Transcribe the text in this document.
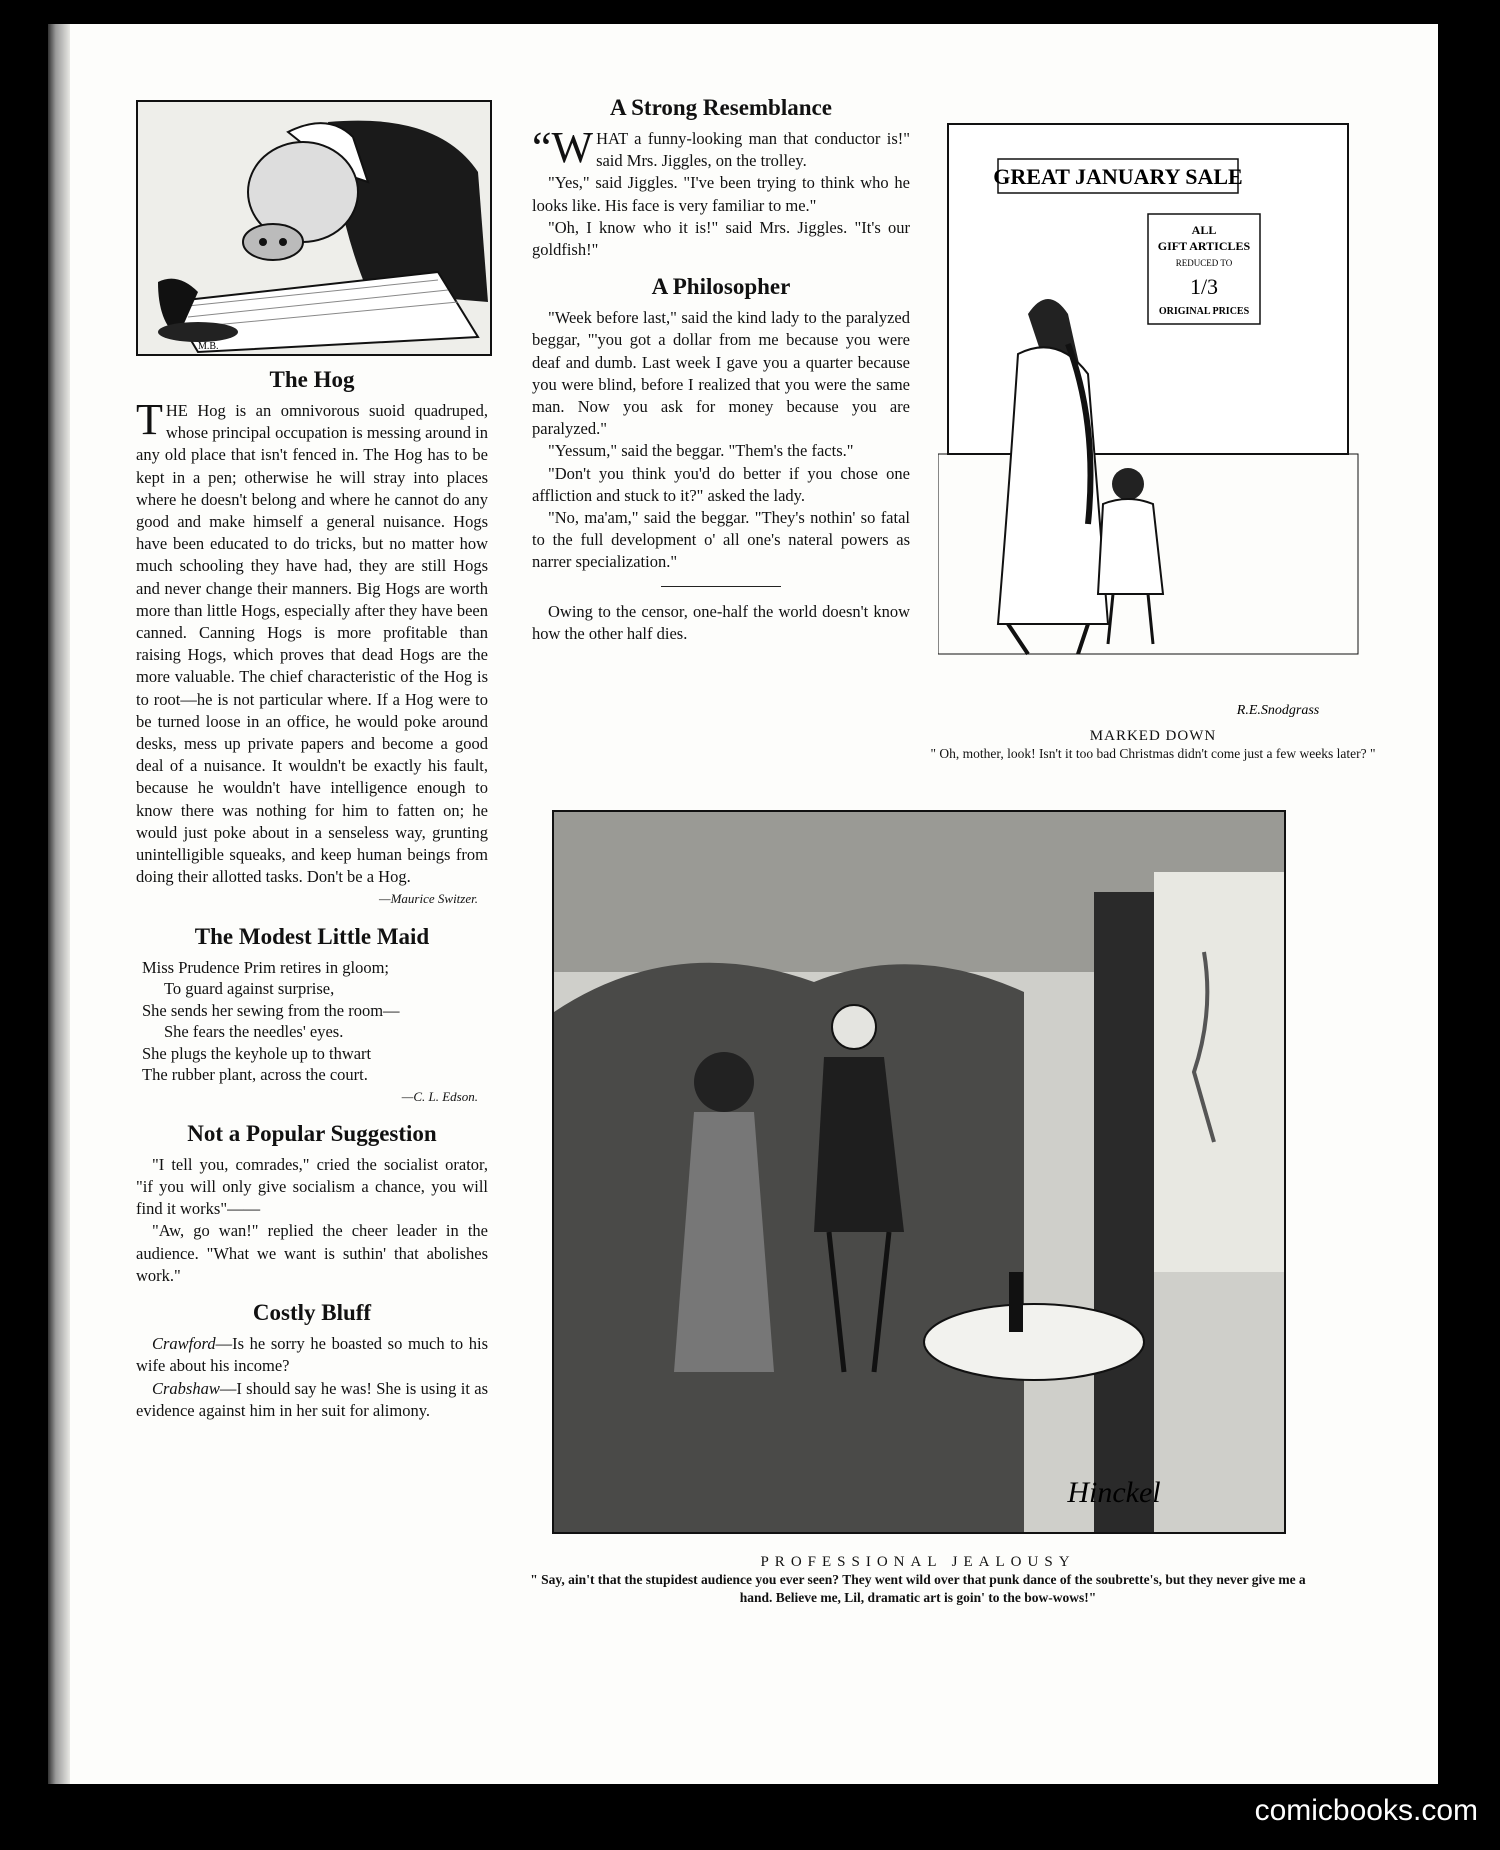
M.B.
The Hog

THE Hog is an omnivorous suoid quadruped, whose principal occupation is messing around in any old place that isn't fenced in. The Hog has to be kept in a pen; otherwise he will stray into places where he doesn't belong and where he cannot do any good and make himself a general nuisance. Hogs have been educated to do tricks, but no matter how much schooling they have had, they are still Hogs and never change their manners. Big Hogs are worth more than little Hogs, especially after they have been canned. Canning Hogs is more profitable than raising Hogs, which proves that dead Hogs are the more valuable. The chief characteristic of the Hog is to root—he is not particular where. If a Hog were to be turned loose in an office, he would poke around desks, mess up private papers and become a good deal of a nuisance. It wouldn't be exactly his fault, because he wouldn't have intelligence enough to know there was nothing for him to fatten on; he would just poke about in a senseless way, grunting unintelligible squeaks, and keep human beings from doing their allotted tasks. Don't be a Hog.

—Maurice Switzer.
The Modest Little Maid
Miss Prudence Prim retires in gloom;
To guard against surprise,
She sends her sewing from the room—
She fears the needles' eyes.
She plugs the keyhole up to thwart
The rubber plant, across the court.
—C. L. Edson.
Not a Popular Suggestion

"I tell you, comrades," cried the socialist orator, "if you will only give socialism a chance, you will find it works"——

"Aw, go wan!" replied the cheer leader in the audience. "What we want is suthin' that abolishes work."

Costly Bluff

Crawford—Is he sorry he boasted so much to his wife about his income?

Crabshaw—I should say he was! She is using it as evidence against him in her suit for alimony.

A Strong Resemblance

“WHAT a funny-looking man that conductor is!" said Mrs. Jiggles, on the trolley.

"Yes," said Jiggles. "I've been trying to think who he looks like. His face is very familiar to me."

"Oh, I know who it is!" said Mrs. Jiggles. "It's our goldfish!"

A Philosopher

"Week before last," said the kind lady to the paralyzed beggar, "'you got a dollar from me because you were deaf and dumb. Last week I gave you a quarter because you were blind, before I realized that you were the same man. Now you ask for money because you are paralyzed."

"Yessum," said the beggar. "Them's the facts."

"Don't you think you'd do better if you chose one affliction and stuck to it?" asked the lady.

"No, ma'am," said the beggar. "They's nothin' so fatal to the full development o' all one's nateral powers as narrer specialization."

Owing to the censor, one-half the world doesn't know how the other half dies.

GREAT JANUARY SALE
ALL
GIFT ARTICLES
REDUCED TO
1/3
ORIGINAL PRICES
R.E.Snodgrass
MARKED DOWN
" Oh, mother, look! Isn't it too bad Christmas didn't come just a few weeks later? "
Hinckel
PROFESSIONAL JEALOUSY
" Say, ain't that the stupidest audience you ever seen? They went wild over that punk dance of the soubrette's, but they never give me a hand. Believe me, Lil, dramatic art is goin' to the bow-wows!"
comicbooks.com
